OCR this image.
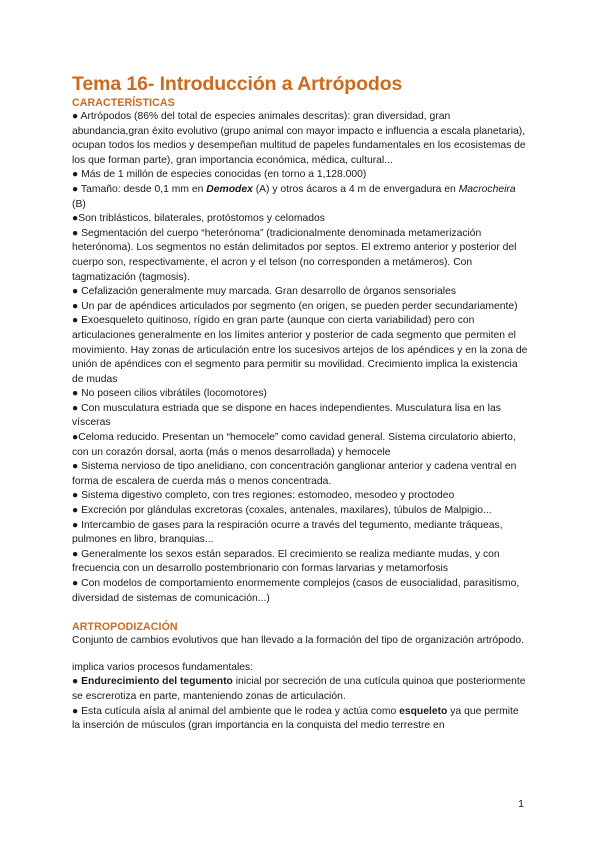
Tema 16- Introducción a Artrópodos
CARACTERÍSTICAS

● Artrópodos (86% del total de especies animales descritas): gran diversidad, gran abundancia,gran éxito evolutivo (grupo animal con mayor impacto e influencia a escala planetaria), ocupan todos los medios y desempeñan multitud de papeles fundamentales en los ecosistemas de los que forman parte), gran importancia económica, médica, cultural...

● Más de 1 millón de especies conocidas (en torno a 1,128.000)

● Tamaño: desde 0,1 mm en Demodex (A) y otros ácaros a 4 m de envergadura en Macrocheira (B)

●Son triblásticos, bilaterales, protóstomos y celomados

● Segmentación del cuerpo “heterónoma” (tradicionalmente denominada metamerización heterónoma). Los segmentos no están delimitados por septos. El extremo anterior y posterior del cuerpo son, respectivamente, el acron y el telson (no corresponden a metámeros). Con tagmatización (tagmosis).

● Cefalización generalmente muy marcada. Gran desarrollo de órganos sensoriales

● Un par de apéndices articulados por segmento (en origen, se pueden perder secundariamente)

● Exoesqueleto quitinoso, rígido en gran parte (aunque con cierta variabilidad) pero con articulaciones generalmente en los límites anterior y posterior de cada segmento que permiten el movimiento. Hay zonas de articulación entre los sucesivos artejos de los apéndices y en la zona de unión de apéndices con el segmento para permitir su movilidad. Crecimiento implica la existencia de mudas

● No poseen cilios vibrátiles (locomotores)

● Con musculatura estriada que se dispone en haces independientes. Musculatura lisa en las vísceras

●Celoma reducido. Presentan un “hemocele” como cavidad general. Sistema circulatorio abierto, con un corazón dorsal, aorta (más o menos desarrollada) y hemocele

● Sistema nervioso de tipo anelidiano, con concentración ganglionar anterior y cadena ventral en forma de escalera de cuerda más o menos concentrada.

● Sistema digestivo completo, con tres regiones: estomodeo, mesodeo y proctodeo

● Excreción por glándulas excretoras (coxales, antenales, maxilares), túbulos de Malpigio...

● Intercambio de gases para la respiración ocurre a través del tegumento, mediante tráqueas, pulmones en libro, branquias...

● Generalmente los sexos están separados. El crecimiento se realiza mediante mudas, y con frecuencia con un desarrollo postembrionario con formas larvarias y metamorfosis

● Con modelos de comportamiento enormemente complejos (casos de eusocialidad, parasitismo, diversidad de sistemas de comunicación...)

ARTROPODIZACIÓN

Conjunto de cambios evolutivos que han llevado a la formación del tipo de organización artrópodo.

implica varios procesos fundamentales:

● Endurecimiento del tegumento inicial por secreción de una cutícula quinoa que posteriormente se escrerotiza en parte, manteniendo zonas de articulación.

● Esta cutícula aísla al animal del ambiente que le rodea y actúa como esqueleto ya que permite la inserción de músculos (gran importancia en la conquista del medio terrestre en

1
